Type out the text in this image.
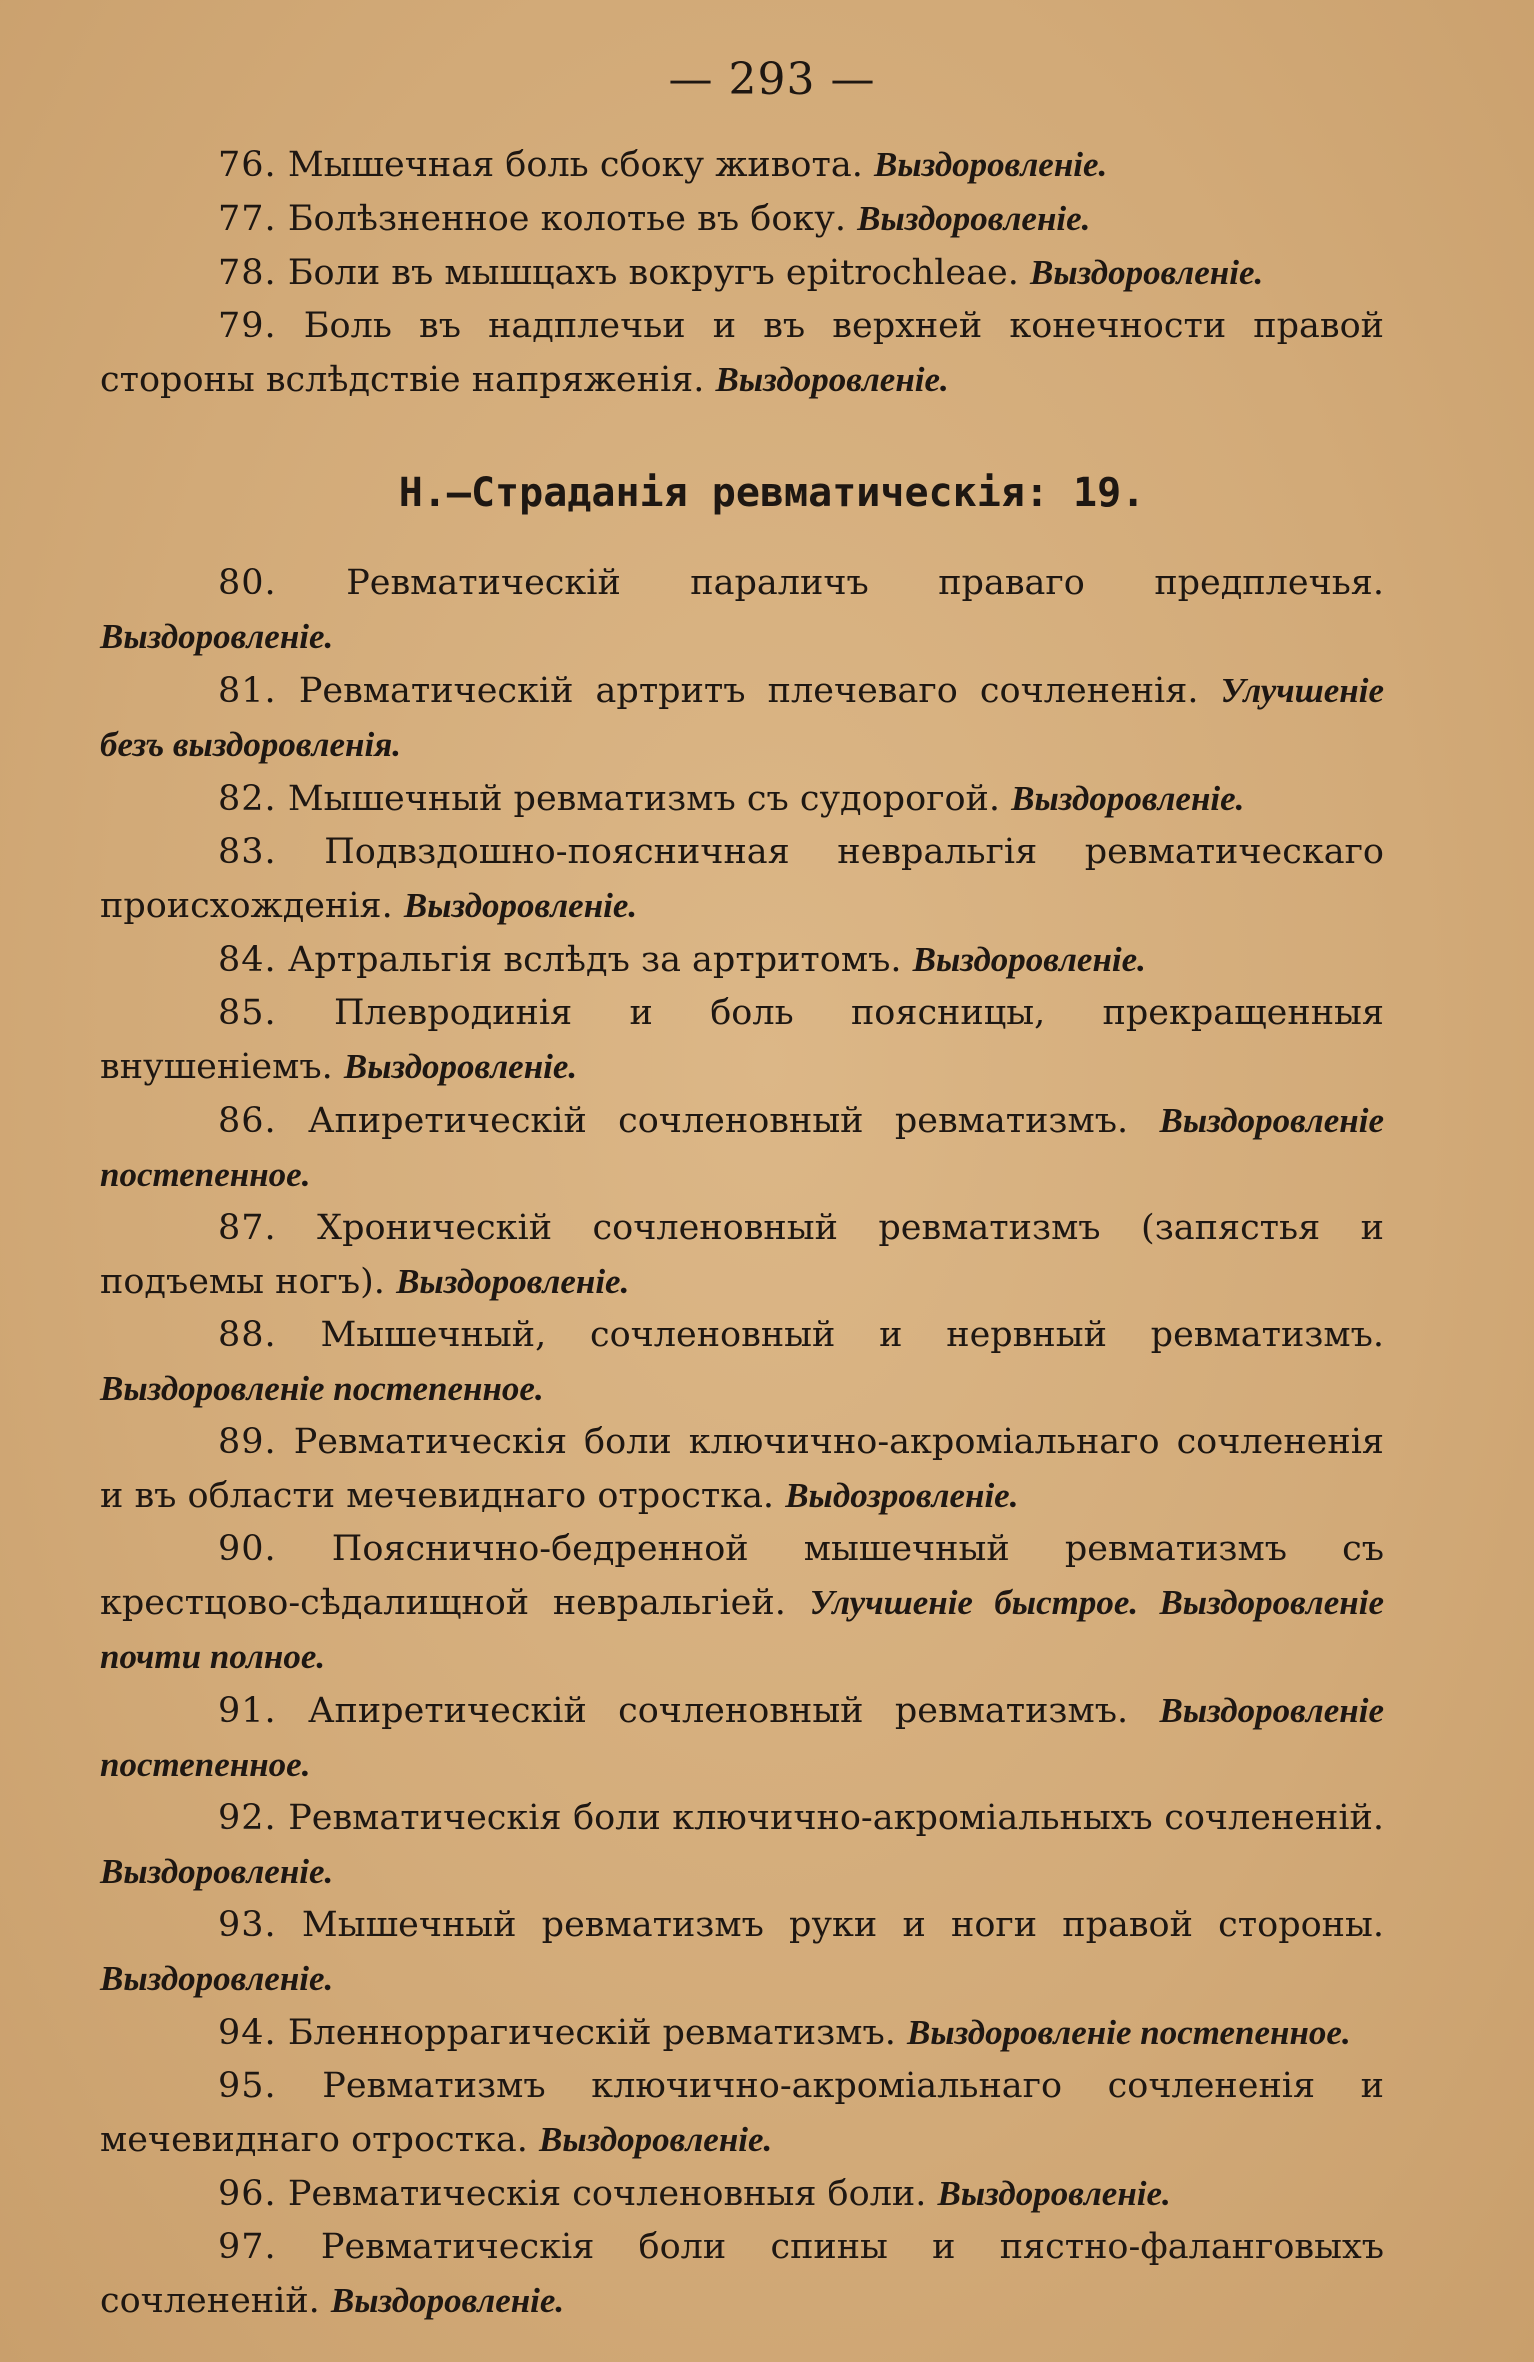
— 293 —

76. Мышечная боль сбоку живота. Выздоровленіе.

77. Болѣзненное колотье въ боку. Выздоровленіе.

78. Боли въ мышцахъ вокругъ epitrochleae. Выздоровленіе.

79. Боль въ надплечьи и въ верхней конечности правой стороны вслѣдствіе напряженія. Выздоровленіе.

H.—Страданія ревматическія: 19.

80. Ревматическій параличъ праваго предплечья. Выздоровленіе.

81. Ревматическій артритъ плечеваго сочлененія. Улучшеніе безъ выздоровленія.

82. Мышечный ревматизмъ съ судорогой. Выздоровленіе.

83. Подвздошно-поясничная невральгія ревматическаго происхожденія. Выздоровленіе.

84. Артральгія вслѣдъ за артритомъ. Выздоровленіе.

85. Плевродинія и боль поясницы, прекращенныя внушеніемъ. Выздоровленіе.

86. Апиретическій сочленовный ревматизмъ. Выздоровленіе постепенное.

87. Хроническій сочленовный ревматизмъ (запястья и подъемы ногъ). Выздоровленіе.

88. Мышечный, сочленовный и нервный ревматизмъ. Выздоровленіе постепенное.

89. Ревматическія боли ключично-акроміальнаго сочлененія и въ области мечевиднаго отростка. Выдозровленіе.

90. Пояснично-бедренной мышечный ревматизмъ съ крестцово-сѣдалищной невральгіей. Улучшеніе быстрое. Выздоровленіе почти полное.

91. Апиретическій сочленовный ревматизмъ. Выздоровленіе постепенное.

92. Ревматическія боли ключично-акроміальныхъ сочлененій. Выздоровленіе.

93. Мышечный ревматизмъ руки и ноги правой стороны. Выздоровленіе.

94. Бленноррагическій ревматизмъ. Выздоровленіе постепенное.

95. Ревматизмъ ключично-акроміальнаго сочлененія и мечевиднаго отростка. Выздоровленіе.

96. Ревматическія сочленовныя боли. Выздоровленіе.

97. Ревматическія боли спины и пястно-фаланговыхъ сочлененій. Выздоровленіе.
